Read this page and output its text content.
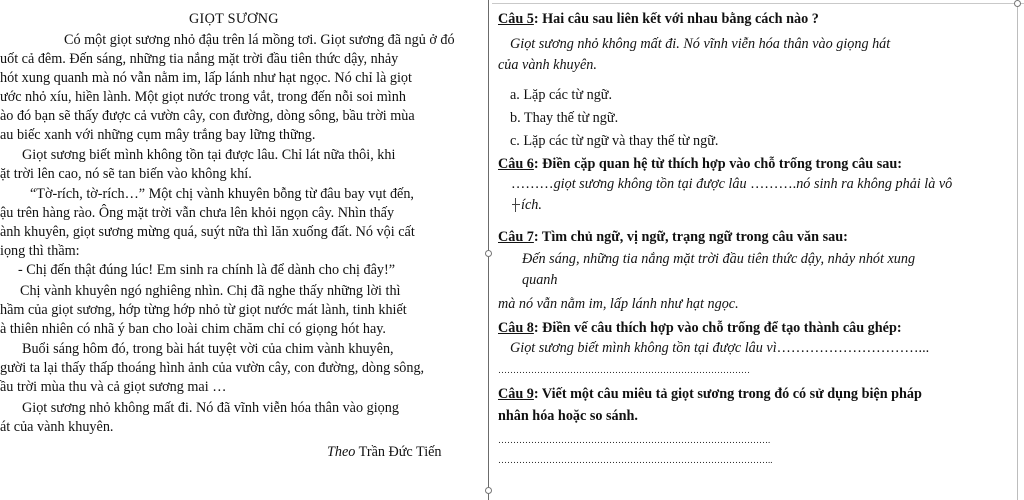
GIỌT SƯƠNG
Có một giọt sương nhỏ đậu trên lá mồng tơi. Giọt sương đã ngủ ở đó
uốt cả đêm. Đến sáng, những tia nắng mặt trời đầu tiên thức dậy, nhảy
hót xung quanh mà nó vẫn nằm im, lấp lánh như hạt ngọc. Nó chỉ là giọt
ước nhỏ xíu, hiền lành. Một giọt nước trong vắt, trong đến nỗi soi mình
ào đó bạn sẽ thấy được cả vườn cây, con đường, dòng sông, bầu trời mùa
au biếc xanh với những cụm mây trắng bay lững thững.
Giọt sương biết mình không tồn tại được lâu. Chỉ lát nữa thôi, khi
ặt trời lên cao, nó sẽ tan biến vào không khí.
“Tờ-rích, tờ-rích…” Một chị vành khuyên bỗng từ đâu bay vụt đến,
ậu trên hàng rào. Ông mặt trời vẫn chưa lên khỏi ngọn cây. Nhìn thấy
ành khuyên, giọt sương mừng quá, suýt nữa thì lăn xuống đất. Nó vội cất
iọng thì thầm:
- Chị đến thật đúng lúc! Em sinh ra chính là để dành cho chị đây!”
Chị vành khuyên ngó nghiêng nhìn. Chị đã nghe thấy những lời thì
hầm của giọt sương, hớp từng hớp nhỏ từ giọt nước mát lành, tinh khiết
à thiên nhiên có nhã ý ban cho loài chim chăm chỉ có giọng hót hay.
Buổi sáng hôm đó, trong bài hát tuyệt vời của chim vành khuyên,
gười ta lại thấy thấp thoáng hình ảnh của vườn cây, con đường, dòng sông,
ầu trời mùa thu và cả giọt sương mai …
Giọt sương nhỏ không mất đi. Nó đã vĩnh viễn hóa thân vào giọng
át của vành khuyên.
Theo Trần Đức Tiến
Câu 5: Hai câu sau liên kết với nhau bằng cách nào ?
Giọt sương nhỏ không mất đi. Nó vĩnh viễn hóa thân vào giọng hát
của vành khuyên.
a. Lặp các từ ngữ.
b. Thay thế từ ngữ.
c. Lặp các từ ngữ và thay thế từ ngữ.
Câu 6: Điền cặp quan hệ từ thích hợp vào chỗ trống trong câu sau:
………giọt sương không tồn tại được lâu ……….nó sinh ra không phải là vô
ích.
Câu 7: Tìm chủ ngữ, vị ngữ, trạng ngữ trong câu văn sau:
Đến sáng, những tia nắng mặt trời đầu tiên thức dậy, nhảy nhót xung
quanh
mà nó vẫn nằm im, lấp lánh như hạt ngọc.
Câu 8: Điền vế câu thích hợp vào chỗ trống để tạo thành câu ghép:
Giọt sương biết mình không tồn tại được lâu vì…………………………...
…………………………………………………………………………
Câu 9: Viết một câu miêu tả giọt sương trong đó có sử dụng biện pháp
nhân hóa hoặc so sánh.
……………………………………………………………………………….
………………………………………………………………………………..
